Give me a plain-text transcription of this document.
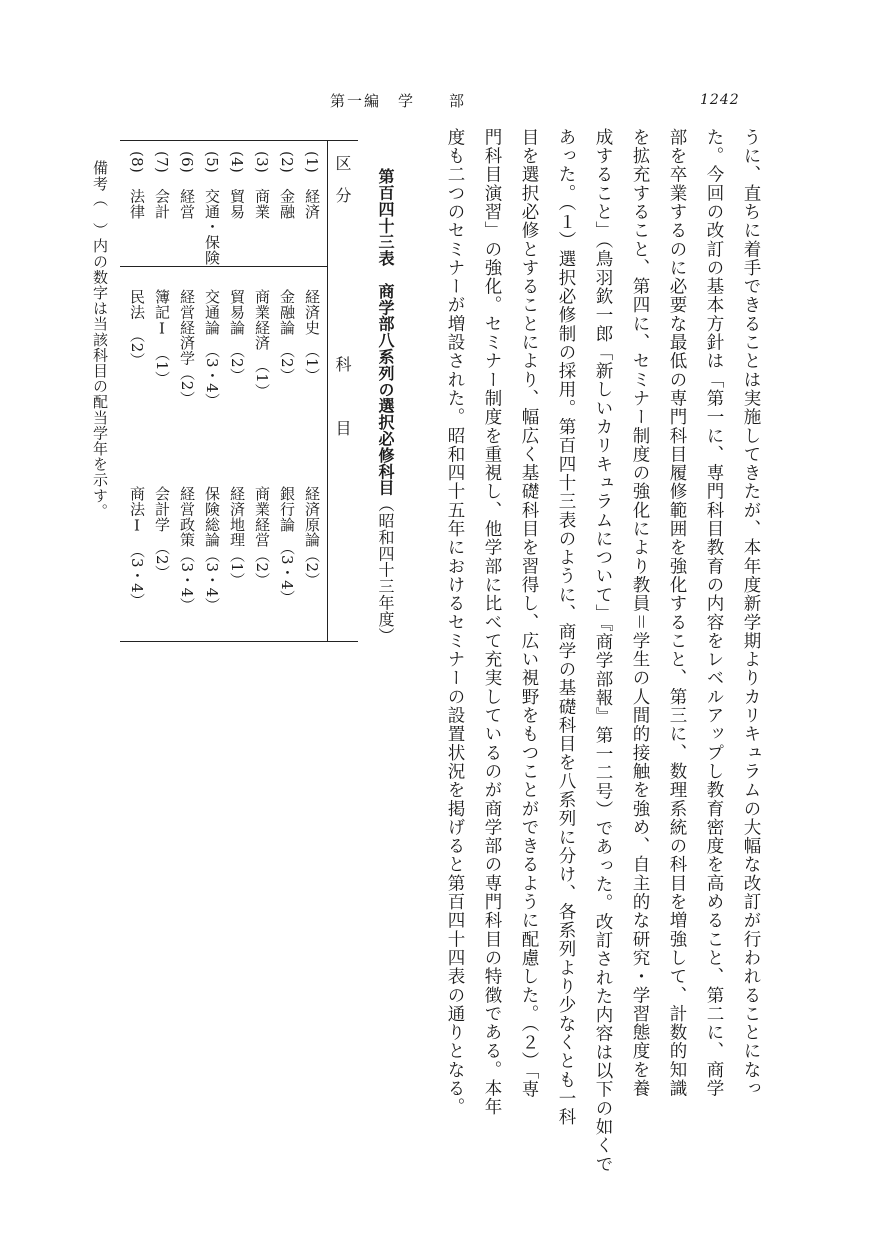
第一編　学　　部	1242

うに、直ちに着手できることは実施してきたが、本年度新学期よりカリキュラムの大幅な改訂が行われることになっ

た。今回の改訂の基本方針は「第一に、専門科目教育の内容をレベルアップし教育密度を高めること、第二に、商学

部を卒業するのに必要な最低の専門科目履修範囲を強化すること、第三に、数理系統の科目を増強して、計数的知識

を拡充すること、第四に、セミナー制度の強化により教員＝学生の人間的接触を強め、自主的な研究・学習態度を養

成すること」（鳥羽欽一郎「新しいカリキュラムについて」『商学部報』第一二号）であった。改訂された内容は以下の如くで

あった。（１）選択必修制の採用。第百四十三表のように、商学の基礎科目を八系列に分け、各系列より少なくとも一科

目を選択必修とすることにより、幅広く基礎科目を習得し、広い視野をもつことができるように配慮した。（２）「専

門科目演習」の強化。セミナー制度を重視し、他学部に比べて充実しているのが商学部の専門科目の特徴である。本年

度も二つのセミナーが増設された。昭和四十五年におけるセミナーの設置状況を掲げると第百四十四表の通りとなる。

第百四十三表　商学部八系列の選択必修科目（昭和四十三年度）

区　分
科　　　目
(1)　経済
経済史　（1）
経済原論（2）
(2)　金融
金融論　（2）
銀行論　（3・4）
(3)　商業
商業経済　（1）
商業経営（2）
(4)　貿易
貿易論　（2）
経済地理（1）
(5)　交通・保険
交通論　（3・4）
保険総論（3・4）
(6)　経営
経営経済学（2）
経営政策（3・4）
(7)　会計
簿記Ⅰ　（1）
会計学　（2）
(8)　法律
民法　（2）
商法Ⅰ　（3・4）

備考（　）内の数字は当該科目の配当学年を示す。
